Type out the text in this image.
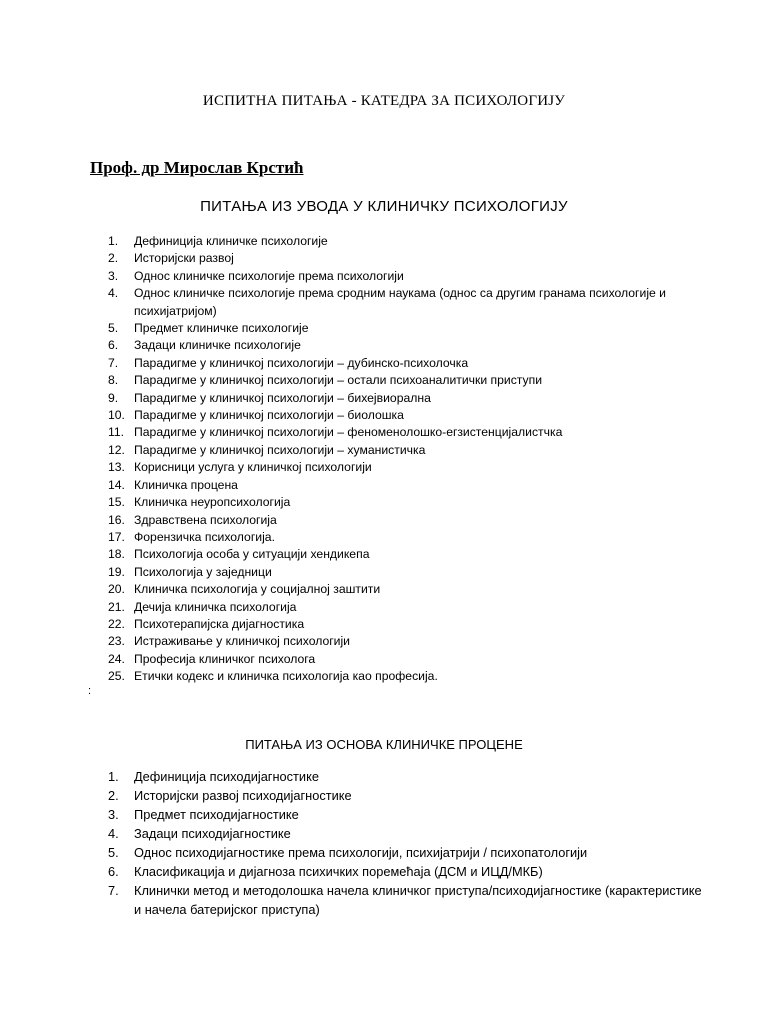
ИСПИТНА ПИТАЊА - КАТЕДРА ЗА ПСИХОЛОГИЈУ
Проф. др Мирослав Крстић
ПИТАЊА ИЗ УВОДА У КЛИНИЧКУ ПСИХОЛОГИЈУ
1. Дефиниција клиничке психологије
2. Историјски развој
3. Однос клиничке психологије према психологији
4. Однос клиничке психологије према сродним наукама (однос са другим гранама психологије и психијатријом)
5. Предмет клиничке психологије
6. Задаци клиничке психологије
7. Парадигме у клиничкој психологији – дубинско-психолочка
8. Парадигме у клиничкој психологији – остали психоаналитички приступи
9. Парадигме у клиничкој психологији – бихејвиорална
10. Парадигме у клиничкој психологији – биолошка
11. Парадигме у клиничкој психологији – феноменолошко-егзистенцијалистчка
12. Парадигме у клиничкој психологији – хуманистичка
13. Корисници услуга у клиничкој психологији
14. Клиничка процена
15. Клиничка неуропсихологија
16. Здравствена психологија
17. Форензичка психологија.
18. Психологија особа у ситуацији хендикепа
19. Психологија у заједници
20. Клиничка психологија у социјалној заштити
21. Дечија клиничка психологија
22. Психотерапијска дијагностика
23. Истраживање у клиничкој психологији
24. Професија клиничког психолога
25. Етички кодекс и клиничка психологија као професија.
:
ПИТАЊА ИЗ ОСНОВА КЛИНИЧКЕ ПРОЦЕНЕ
1. Дефиниција психодијагностике
2. Историјски развој психодијагностике
3. Предмет психодијагностике
4. Задаци психодијагностике
5. Однос психодијагностике према психологији, психијатрији / психопатологији
6. Класификација и дијагноза психичких поремећаја (ДСМ и ИЦД/МКБ)
7. Клинички метод и методолошка начела клиничког приступа/психодијагностике (карактеристике и начела батеријског приступа)
